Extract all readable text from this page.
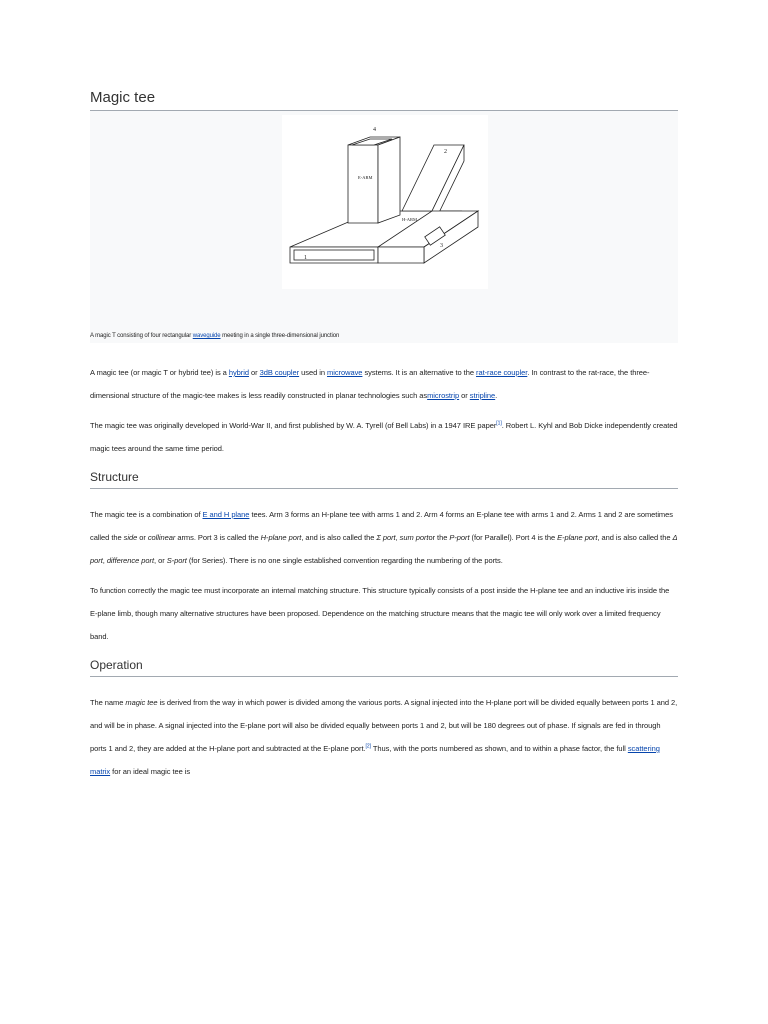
Magic tee
4
2
3
1
E-ARM
H-ARM
A magic T consisting of four rectangular waveguide meeting in a single three-dimensional junction

A magic tee (or magic T or hybrid tee) is a hybrid or 3dB coupler used in microwave systems. It is an alternative to the rat-race coupler. In contrast to the rat-race, the three-dimensional structure of the magic-tee makes is less readily constructed in planar technologies such asmicrostrip or stripline.

The magic tee was originally developed in World-War II, and first published by W. A. Tyrell (of Bell Labs) in a 1947 IRE paper[1]. Robert L. Kyhl and Bob Dicke independently created magic tees around the same time period.

Structure

The magic tee is a combination of E and H plane tees. Arm 3 forms an H-plane tee with arms 1 and 2. Arm 4 forms an E-plane tee with arms 1 and 2. Arms 1 and 2 are sometimes called the side or collinear arms. Port 3 is called the H-plane port, and is also called the Σ port, sum portor the P-port (for Parallel). Port 4 is the E-plane port, and is also called the Δ port, difference port, or S-port (for Series). There is no one single established convention regarding the numbering of the ports.

To function correctly the magic tee must incorporate an internal matching structure. This structure typically consists of a post inside the H-plane tee and an inductive iris inside the E-plane limb, though many alternative structures have been proposed. Dependence on the matching structure means that the magic tee will only work over a limited frequency band.

Operation

The name magic tee is derived from the way in which power is divided among the various ports. A signal injected into the H-plane port will be divided equally between ports 1 and 2, and will be in phase. A signal injected into the E-plane port will also be divided equally between ports 1 and 2, but will be 180 degrees out of phase. If signals are fed in through ports 1 and 2, they are added at the H-plane port and subtracted at the E-plane port.[2] Thus, with the ports numbered as shown, and to within a phase factor, the full scattering matrix for an ideal magic tee is
